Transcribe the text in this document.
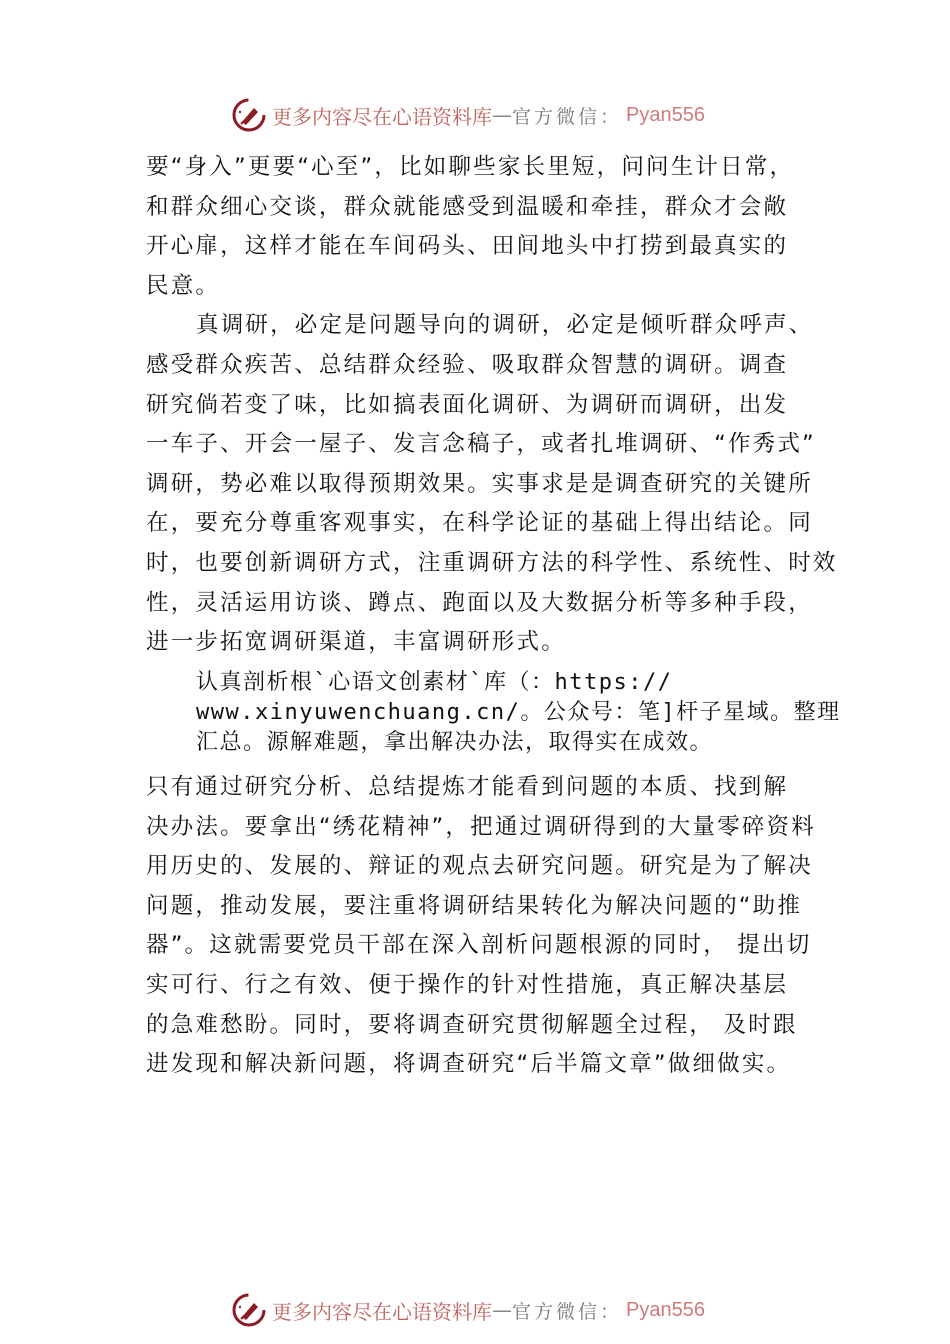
更多内容尽在心语资料库 — 官方微信： Pyan556
要“身入”更要“心至”，比如聊些家长里短，问问生计日常，
和群众细心交谈，群众就能感受到温暖和牵挂，群众才会敞
开心扉，这样才能在车间码头、田间地头中打捞到最真实的
民意。
真调研，必定是问题导向的调研，必定是倾听群众呼声、
感受群众疾苦、总结群众经验、吸取群众智慧的调研。调查
研究倘若变了味，比如搞表面化调研、为调研而调研，出发
一车子、开会一屋子、发言念稿子，或者扎堆调研、“作秀式”
调研，势必难以取得预期效果。实事求是是调查研究的关键所
在，要充分尊重客观事实，在科学论证的基础上得出结论。同
时，也要创新调研方式，注重调研方法的科学性、系统性、时效
性，灵活运用访谈、蹲点、跑面以及大数据分析等多种手段，
进一步拓宽调研渠道，丰富调研形式。
认真剖析根`心语文创素材`库（：https://
www.xinyuwenchuang.cn/。公众号：笔]杆子星域。整理
汇总。源解难题，拿出解决办法，取得实在成效。
只有通过研究分析、总结提炼才能看到问题的本质、找到解
决办法。要拿出“绣花精神”，把通过调研得到的大量零碎资料
用历史的、发展的、辩证的观点去研究问题。研究是为了解决
问题，推动发展，要注重将调研结果转化为解决问题的“助推
器”。这就需要党员干部在深入剖析问题根源的同时， 提出切
实可行、行之有效、便于操作的针对性措施，真正解决基层
的急难愁盼。同时，要将调查研究贯彻解题全过程， 及时跟
进发现和解决新问题，将调查研究“后半篇文章”做细做实。
更多内容尽在心语资料库 — 官方微信： Pyan556
